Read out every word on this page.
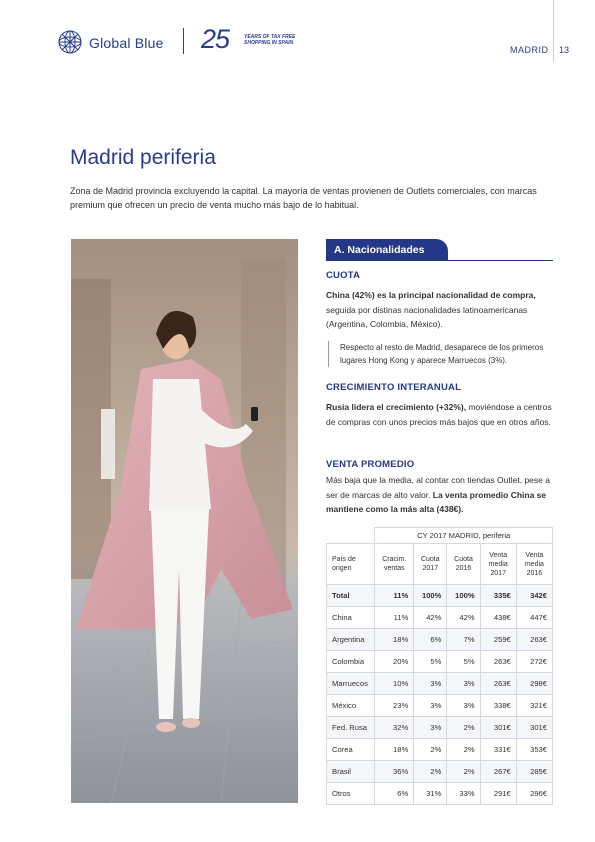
Global Blue 25	YEARS OF TAX FREE SHOPPING IN SPAIN
MADRID 13
Madrid periferia
Zona de Madrid provincia excluyendo la capital. La mayoría de ventas provienen de Outlets comerciales, con marcas premium que ofrecen un precio de venta mucho más bajo de lo habitual.
A. Nacionalidades
CUOTA
China (42%) es la principal nacionalidad de compra, seguida por distinas nacionalidades latinoamericanas (Argentina, Colombia, México).
Respecto al resto de Madrid, desaparece de los primeros lugares Hong Kong y aparece Marruecos (3%).
CRECIMIENTO INTERANUAL
Rusia lidera el crecimiento (+32%), moviéndose a centros de compras con unos precios más bajos que en otros años.
VENTA PROMEDIO
Más baja que la media, al contar con tiendas Outlet, pese a ser de marcas de alto valor. La venta promedio China se mantiene como la más alta (438€).
	CY 2017 MADRID, periferia				
País de origen	Cracim. ventas	Cuota 2017	Cuota 2016	Venta media 2017	Venta media 2016
Total	11%	100%	100%	335€	342€
China	11%	42%	42%	438€	447€
Argentina	18%	6%	7%	259€	263€
Colombia	20%	5%	5%	263€	272€
Marruecos	10%	3%	3%	263€	298€
México	23%	3%	3%	338€	321€
Fed. Rusa	32%	3%	2%	301€	301€
Corea	18%	2%	2%	331€	353€
Brasil	36%	2%	2%	267€	285€
Otros	6%	31%	33%	291€	296€
